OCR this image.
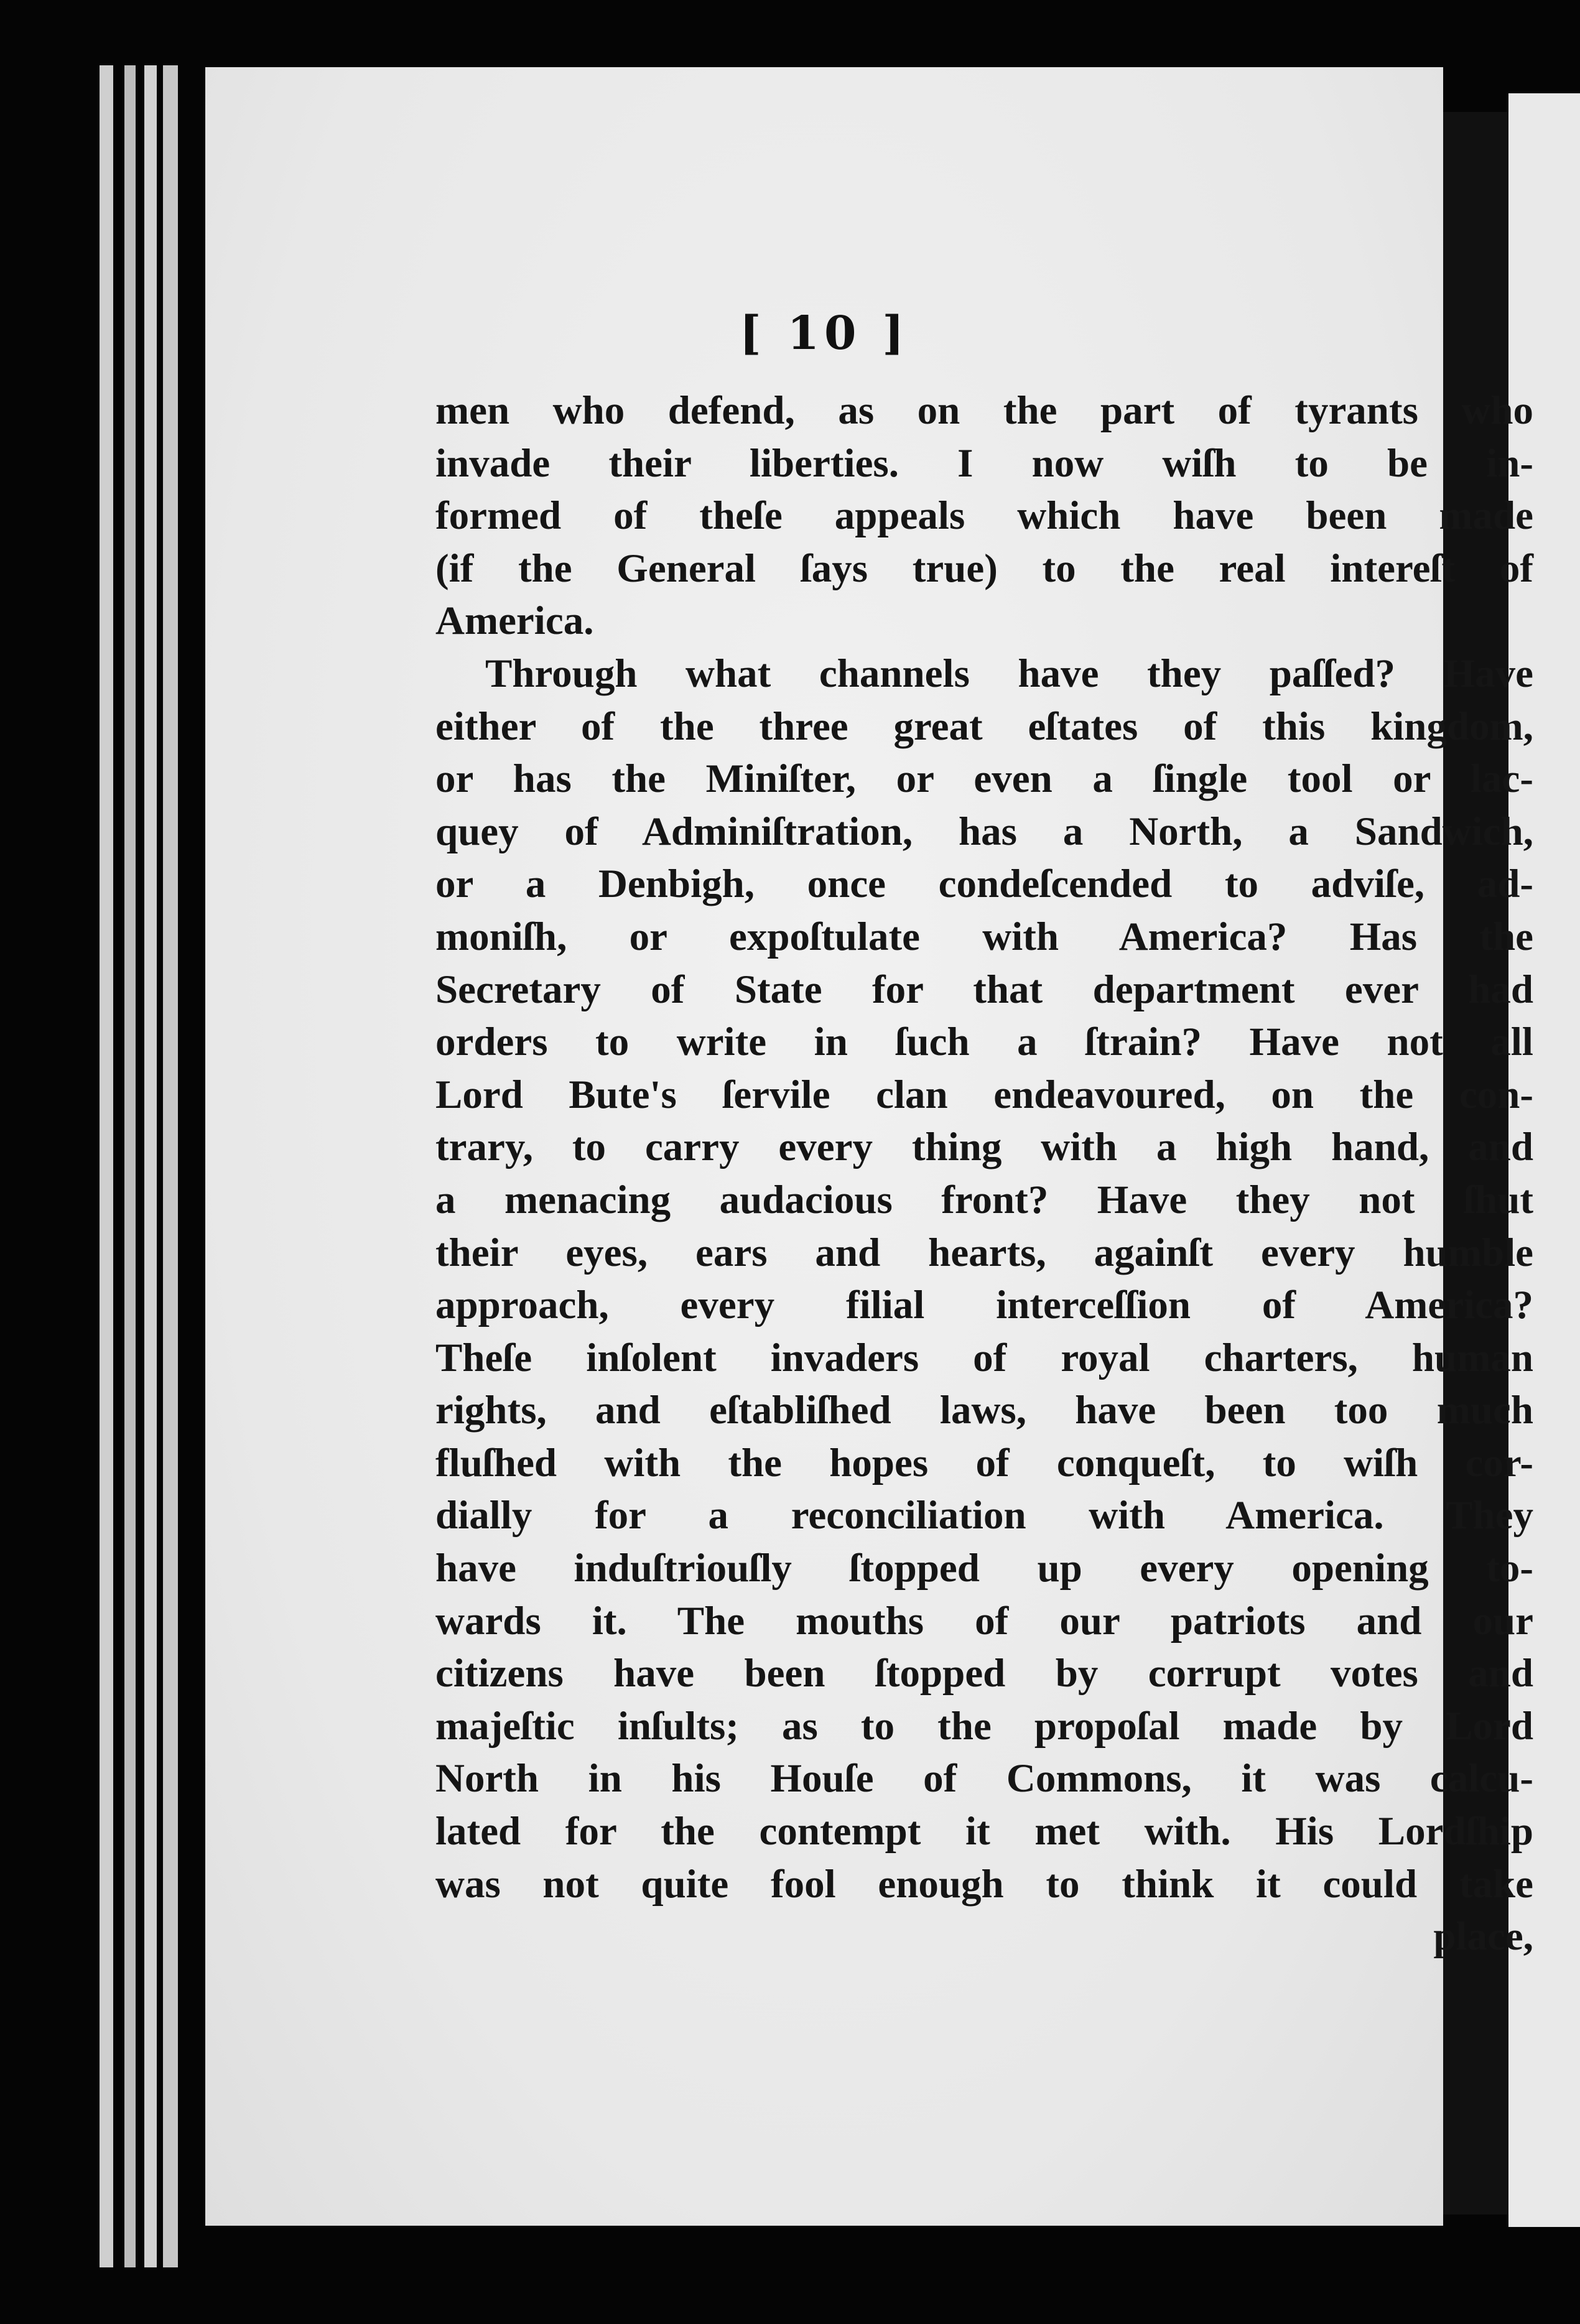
[ 10 ]
men who defend, as on the part of tyrants who
invade their liberties. I now wiſh to be in-
formed of theſe appeals which have been made
(if the General ſays true) to the real intereſt of
America.
Through what channels have they paſſed? Have
either of the three great eſtates of this kingdom,
or has the Miniſter, or even a ſingle tool or lac-
quey of Adminiſtration, has a North, a Sandwich,
or a Denbigh, once condeſcended to adviſe, ad-
moniſh, or expoſtulate with America? Has the
Secretary of State for that department ever had
orders to write in ſuch a ſtrain? Have not all
Lord Bute's ſervile clan endeavoured, on the con-
trary, to carry every thing with a high hand, and
a menacing audacious front? Have they not ſhut
their eyes, ears and hearts, againſt every humble
approach, every filial interceſſion of America?
Theſe inſolent invaders of royal charters, human
rights, and eſtabliſhed laws, have been too much
fluſhed with the hopes of conqueſt, to wiſh cor-
dially for a reconciliation with America. They
have induſtriouſly ſtopped up every opening to-
wards it. The mouths of our patriots and our
citizens have been ſtopped by corrupt votes and
majeſtic inſults; as to the propoſal made by Lord
North in his Houſe of Commons, it was calcu-
lated for the contempt it met with. His Lordſhip
was not quite fool enough to think it could take
place,
